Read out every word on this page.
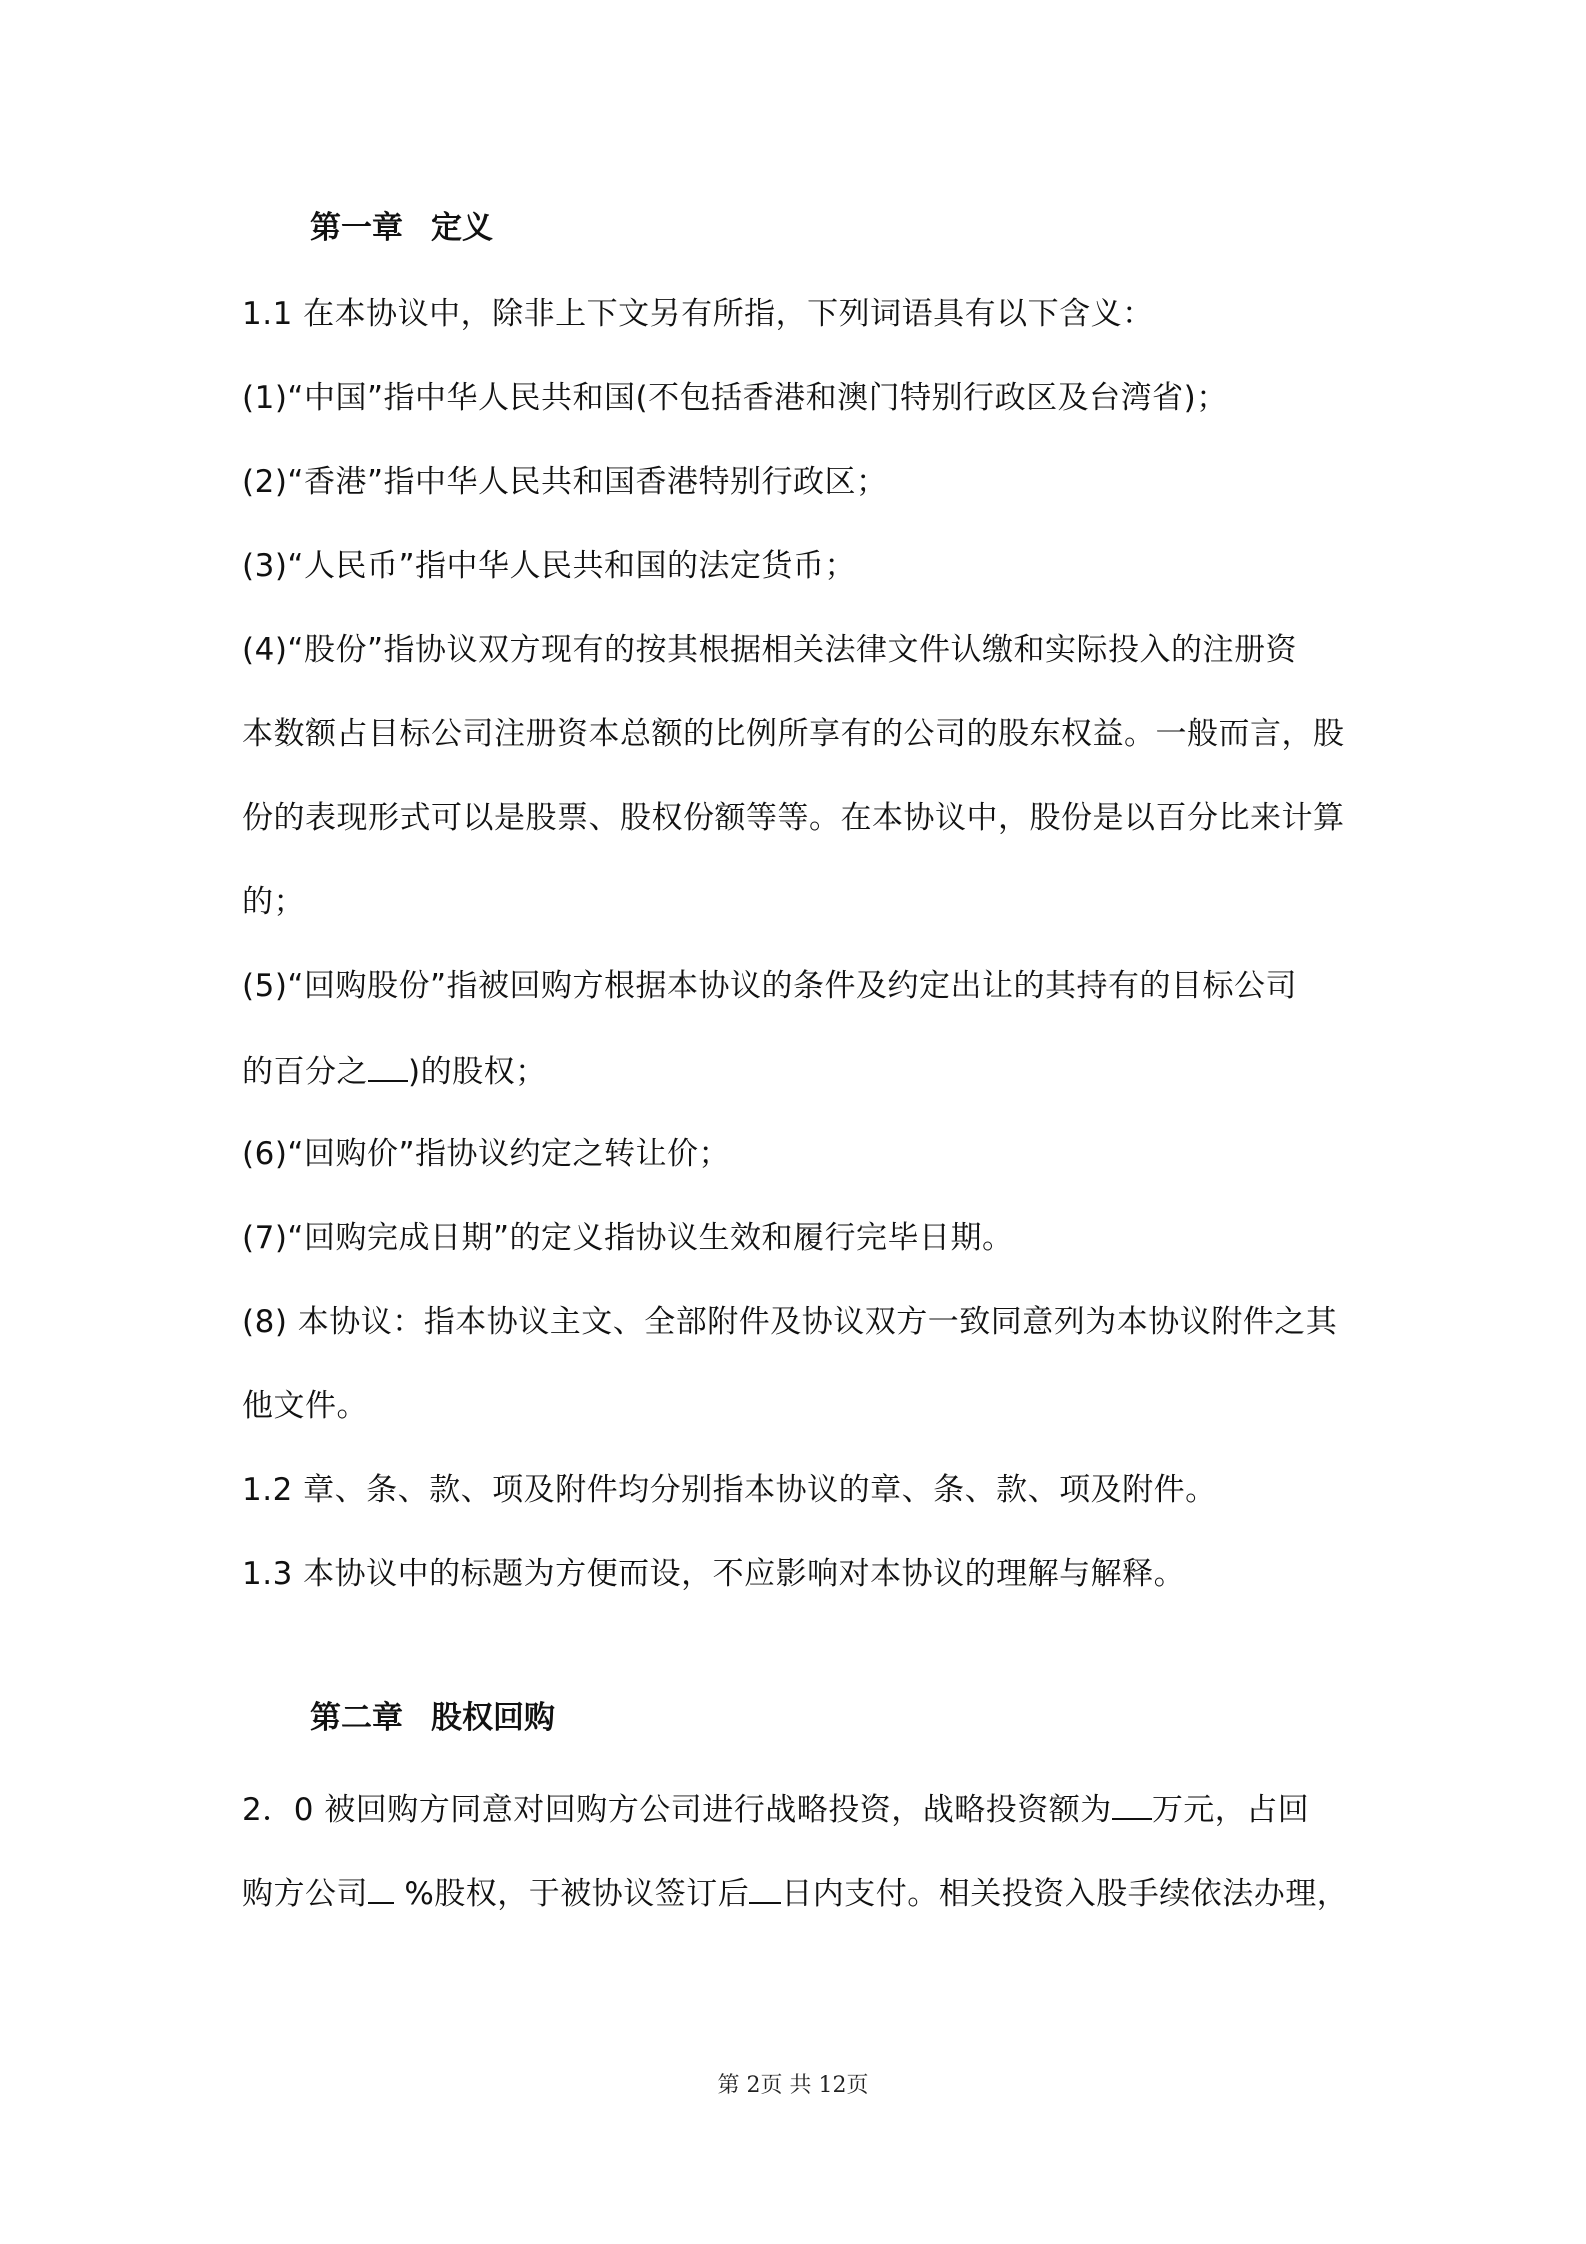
第一章 定义
1.1 在本协议中，除非上下文另有所指，下列词语具有以下含义：
(1)“中国”指中华人民共和国(不包括香港和澳门特别行政区及台湾省)；
(2)“香港”指中华人民共和国香港特别行政区；
(3)“人民币”指中华人民共和国的法定货币；
(4)“股份”指协议双方现有的按其根据相关法律文件认缴和实际投入的注册资
本数额占目标公司注册资本总额的比例所享有的公司的股东权益。一般而言，股
份的表现形式可以是股票、股权份额等等。在本协议中，股份是以百分比来计算
的；
(5)“回购股份”指被回购方根据本协议的条件及约定出让的其持有的目标公司
的百分之 )的股权；
(6)“回购价”指协议约定之转让价；
(7)“回购完成日期”的定义指协议生效和履行完毕日期。
(8) 本协议：指本协议主文、全部附件及协议双方一致同意列为本协议附件之其
他文件。
1.2 章、条、款、项及附件均分别指本协议的章、条、款、项及附件。
1.3 本协议中的标题为方便而设，不应影响对本协议的理解与解释。
第二章 股权回购
2．0 被回购方同意对回购方公司进行战略投资，战略投资额为 万元，占回
购方公司 %股权，于被协议签订后 日内支付。相关投资入股手续依法办理，
第 2页 共 12页
